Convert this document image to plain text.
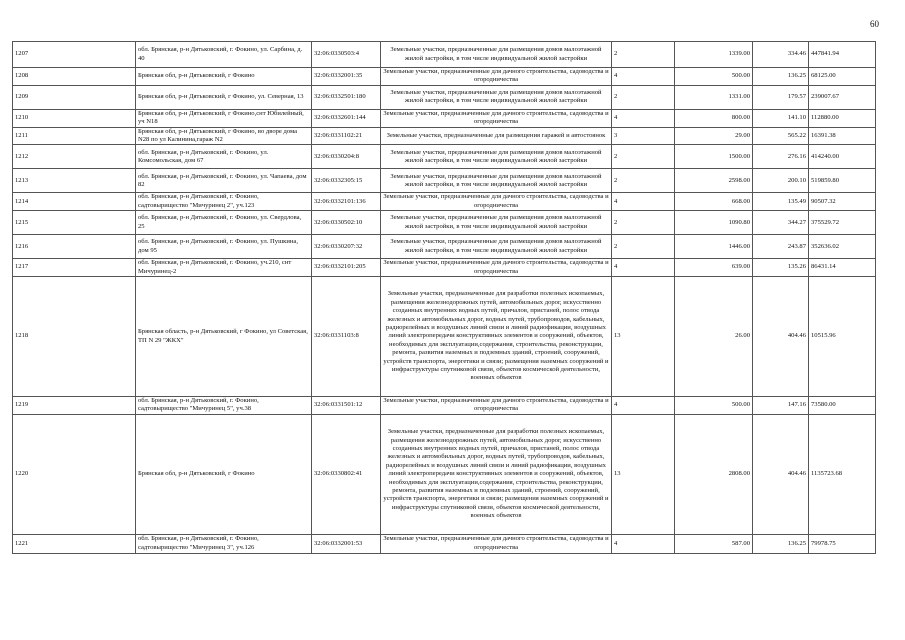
60
1207	обл. Брянская, р-н Дятьковский, г. Фокино, ул. Сарбина, д. 40	32:06:0330503:4	Земельные участки, предназначенные для размещения домов малоэтажной жилой застройки, в том числе индивидуальной жилой застройки	2	1339.00	334.46	447841.94
1208	Брянская обл, р-н Дятьковский, г Фокино	32:06:0332001:35	Земельные участки, предназначенные для дачного строительства, садоводства и огородничества	4	500.00	136.25	68125.00
1209	Брянская обл, р-н Дятьковский, г Фокино, ул. Северная, 13	32:06:0332501:180	Земельные участки, предназначенные для размещения домов малоэтажной жилой застройки, в том числе индивидуальной жилой застройки	2	1331.00	179.57	239007.67
1210	Брянская обл, р-н Дятьковский, г Фокино,снт Юбилейный, уч N18	32:06:0332601:144	Земельные участки, предназначенные для дачного строительства, садоводства и огородничества	4	800.00	141.10	112880.00
1211	Брянская обл, р-н Дятьковский, г Фокино, во дворе дома N28 по ул Калинина,гараж N2	32:06:0331102:21	Земельные участки, предназначенные для размещения гаражей и автостоянок	3	29.00	565.22	16391.38
1212	обл. Брянская, р-н Дятьковский, г. Фокино, ул. Комсомольская, дом 67	32:06:0330204:8	Земельные участки, предназначенные для размещения домов малоэтажной жилой застройки, в том числе индивидуальной жилой застройки	2	1500.00	276.16	414240.00
1213	обл. Брянская, р-н Дятьковский, г. Фокино, ул. Чапаева, дом 82	32:06:0332305:15	Земельные участки, предназначенные для размещения домов малоэтажной жилой застройки, в том числе индивидуальной жилой застройки	2	2598.00	200.10	519859.80
1214	обл. Брянская, р-н Дятьковский, г. Фокино, садтовырищество "Мичуринец 2", уч.123	32:06:0332101:136	Земельные участки, предназначенные для дачного строительства, садоводства и огородничества	4	668.00	135.49	90507.32
1215	обл. Брянская, р-н Дятьковский, г. Фокино, ул. Свердлова, 25	32:06:0330502:10	Земельные участки, предназначенные для размещения домов малоэтажной жилой застройки, в том числе индивидуальной жилой застройки	2	1090.80	344.27	375529.72
1216	обл. Брянская, р-н Дятьковский, г. Фокино, ул. Пушкина, дом 95	32:06:0330207:32	Земельные участки, предназначенные для размещения домов малоэтажной жилой застройки, в том числе индивидуальной жилой застройки	2	1446.00	243.87	352636.02
1217	обл. Брянская, р-н Дятьковский, г. Фокино, уч.210, снт Мичуринец-2	32:06:0332101:205	Земельные участки, предназначенные для дачного строительства, садоводства и огородничества	4	639.00	135.26	86431.14
1218	Брянская область, р-н Дятьковский, г Фокино, ул Советская, ТП N 29 "ЖКХ"	32:06:0331103:8	Земельные участки, предназначенные для разработки полезных ископаемых, размещения железнодорожных путей, автомобильных дорог, искусственно созданных внутренних водных путей, причалов, пристаней, полос отвода железных и автомобильных дорог, водных путей, трубопроводов, кабельных, радиорелейных и воздушных линий связи и линий радиофикации, воздушных линий электропередачи конструктивных элементов и сооружений, объектов, необходимых для эксплуатации,содержания, строительства, реконструкции, ремонта, развития наземных и подземных зданий, строений, сооружений, устройств транспорта, энергетики и связи; размещения наземных сооружений и инфраструктуры спутниковой связи, объектов космической деятельности, военных объектов	13	26.00	404.46	10515.96
1219	обл. Брянская, р-н Дятьковский, г. Фокино, садтовырищество "Мичуринец 5", уч.38	32:06:0331501:12	Земельные участки, предназначенные для дачного строительства, садоводства и огородничества	4	500.00	147.16	73580.00
1220	Брянская обл, р-н Дятьковский, г Фокино	32:06:0330802:41	Земельные участки, предназначенные для разработки полезных ископаемых, размещения железнодорожных путей, автомобильных дорог, искусственно созданных внутренних водных путей, причалов, пристаней, полос отвода железных и автомобильных дорог, водных путей, трубопроводов, кабельных, радиорелейных и воздушных линий связи и линий радиофикации, воздушных линий электропередачи конструктивных элементов и сооружений, объектов, необходимых для эксплуатации,содержания, строительства, реконструкции, ремонта, развития наземных и подземных зданий, строений, сооружений, устройств транспорта, энергетики и связи; размещения наземных сооружений и инфраструктуры спутниковой связи, объектов космической деятельности, военных объектов	13	2808.00	404.46	1135723.68
1221	обл. Брянская, р-н Дятьковский, г. Фокино, садтовырищество "Мичуринец 3", уч.126	32:06:0332001:53	Земельные участки, предназначенные для дачного строительства, садоводства и огородничества	4	587.00	136.25	79978.75
